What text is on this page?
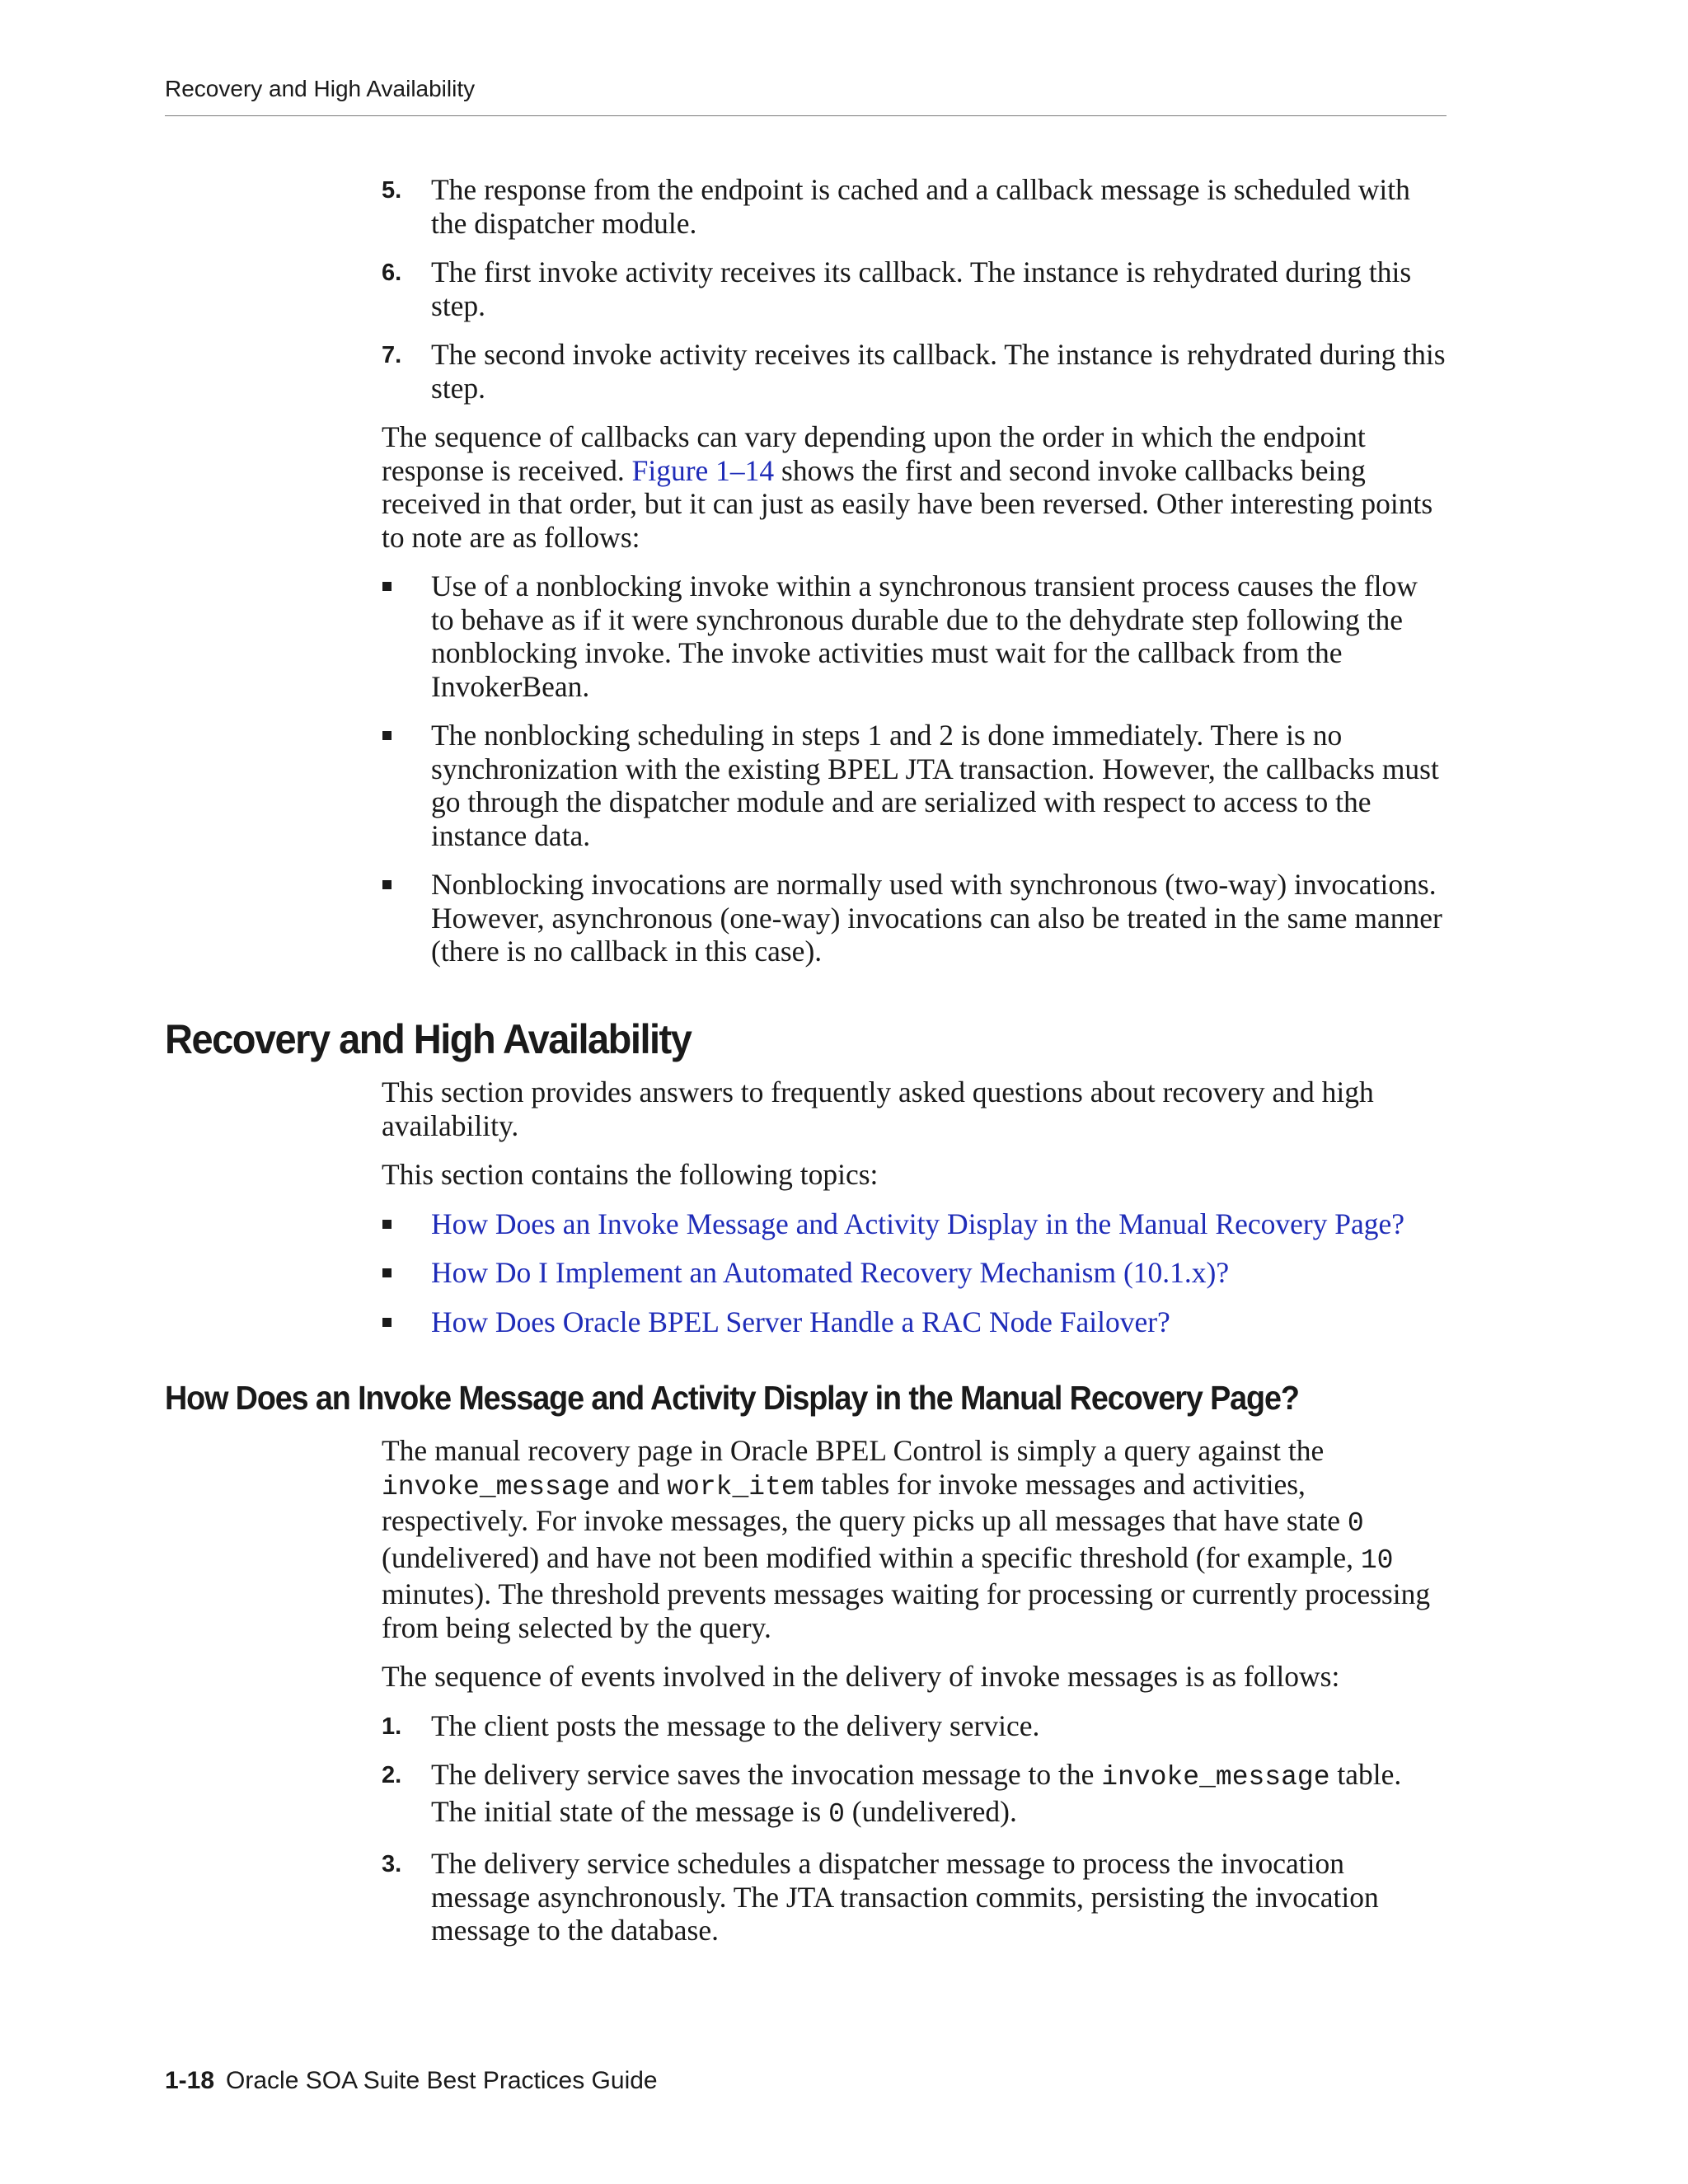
Recovery and High Availability
5. The response from the endpoint is cached and a callback message is scheduled with the dispatcher module.
6. The first invoke activity receives its callback. The instance is rehydrated during this step.
7. The second invoke activity receives its callback. The instance is rehydrated during this step.

The sequence of callbacks can vary depending upon the order in which the endpoint response is received. Figure 1–14 shows the first and second invoke callbacks being received in that order, but it can just as easily have been reversed. Other interesting points to note are as follows:

Use of a nonblocking invoke within a synchronous transient process causes the flow to behave as if it were synchronous durable due to the dehydrate step following the nonblocking invoke. The invoke activities must wait for the callback from the InvokerBean.
The nonblocking scheduling in steps 1 and 2 is done immediately. There is no synchronization with the existing BPEL JTA transaction. However, the callbacks must go through the dispatcher module and are serialized with respect to access to the instance data.
Nonblocking invocations are normally used with synchronous (two-way) invocations. However, asynchronous (one-way) invocations can also be treated in the same manner (there is no callback in this case).
Recovery and High Availability

This section provides answers to frequently asked questions about recovery and high availability.

This section contains the following topics:

How Does an Invoke Message and Activity Display in the Manual Recovery Page?
How Do I Implement an Automated Recovery Mechanism (10.1.x)?
How Does Oracle BPEL Server Handle a RAC Node Failover?
How Does an Invoke Message and Activity Display in the Manual Recovery Page?

The manual recovery page in Oracle BPEL Control is simply a query against the invoke_message and work_item tables for invoke messages and activities, respectively. For invoke messages, the query picks up all messages that have state 0 (undelivered) and have not been modified within a specific threshold (for example, 10 minutes). The threshold prevents messages waiting for processing or currently processing from being selected by the query.

The sequence of events involved in the delivery of invoke messages is as follows:

1. The client posts the message to the delivery service.
2. The delivery service saves the invocation message to the invoke_message table. The initial state of the message is 0 (undelivered).
3. The delivery service schedules a dispatcher message to process the invocation message asynchronously. The JTA transaction commits, persisting the invocation message to the database.
1-18 Oracle SOA Suite Best Practices Guide
